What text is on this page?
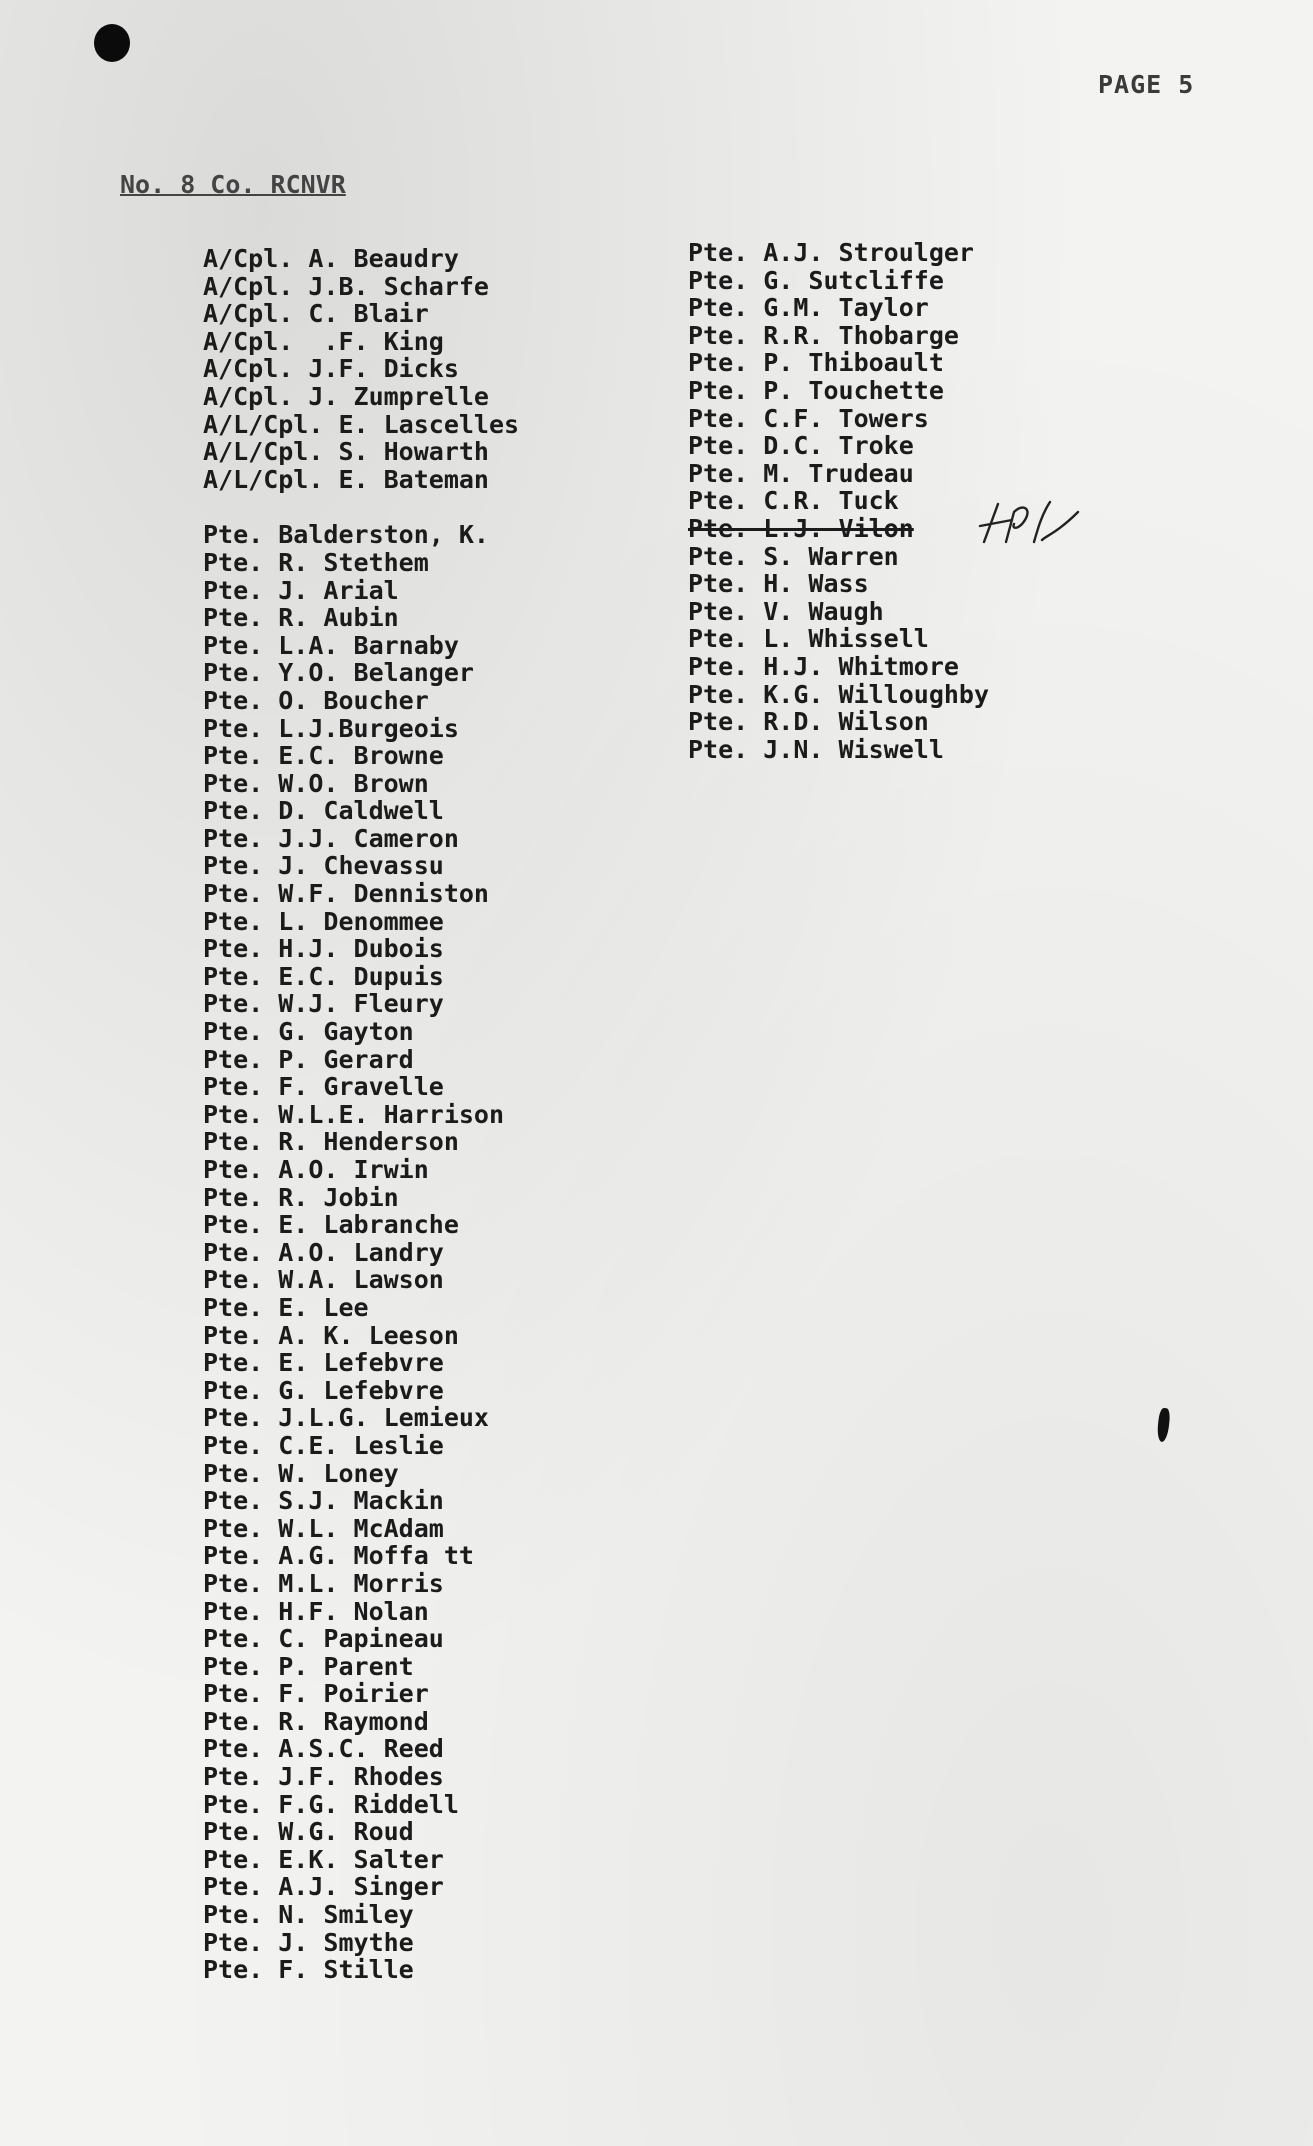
PAGE 5
No. 8 Co. RCNVR
A/Cpl. A. Beaudry
A/Cpl. J.B. Scharfe
A/Cpl. C. Blair
A/Cpl.  .F. King
A/Cpl. J.F. Dicks
A/Cpl. J. Zumprelle
A/L/Cpl. E. Lascelles
A/L/Cpl. S. Howarth
A/L/Cpl. E. Bateman
Pte. Balderston, K.
Pte. R. Stethem
Pte. J. Arial
Pte. R. Aubin
Pte. L.A. Barnaby
Pte. Y.O. Belanger
Pte. O. Boucher
Pte. L.J.Burgeois
Pte. E.C. Browne
Pte. W.O. Brown
Pte. D. Caldwell
Pte. J.J. Cameron
Pte. J. Chevassu
Pte. W.F. Denniston
Pte. L. Denommee
Pte. H.J. Dubois
Pte. E.C. Dupuis
Pte. W.J. Fleury
Pte. G. Gayton
Pte. P. Gerard
Pte. F. Gravelle
Pte. W.L.E. Harrison
Pte. R. Henderson
Pte. A.O. Irwin
Pte. R. Jobin
Pte. E. Labranche
Pte. A.O. Landry
Pte. W.A. Lawson
Pte. E. Lee
Pte. A. K. Leeson
Pte. E. Lefebvre
Pte. G. Lefebvre
Pte. J.L.G. Lemieux
Pte. C.E. Leslie
Pte. W. Loney
Pte. S.J. Mackin
Pte. W.L. McAdam
Pte. A.G. Moffa tt
Pte. M.L. Morris
Pte. H.F. Nolan
Pte. C. Papineau
Pte. P. Parent
Pte. F. Poirier
Pte. R. Raymond
Pte. A.S.C. Reed
Pte. J.F. Rhodes
Pte. F.G. Riddell
Pte. W.G. Roud
Pte. E.K. Salter
Pte. A.J. Singer
Pte. N. Smiley
Pte. J. Smythe
Pte. F. Stille
Pte. A.J. Stroulger
Pte. G. Sutcliffe
Pte. G.M. Taylor
Pte. R.R. Thobarge
Pte. P. Thiboault
Pte. P. Touchette
Pte. C.F. Towers
Pte. D.C. Troke
Pte. M. Trudeau
Pte. C.R. Tuck
Pte. L.J. Vilon
Pte. S. Warren
Pte. H. Wass
Pte. V. Waugh
Pte. L. Whissell
Pte. H.J. Whitmore
Pte. K.G. Willoughby
Pte. R.D. Wilson
Pte. J.N. Wiswell
